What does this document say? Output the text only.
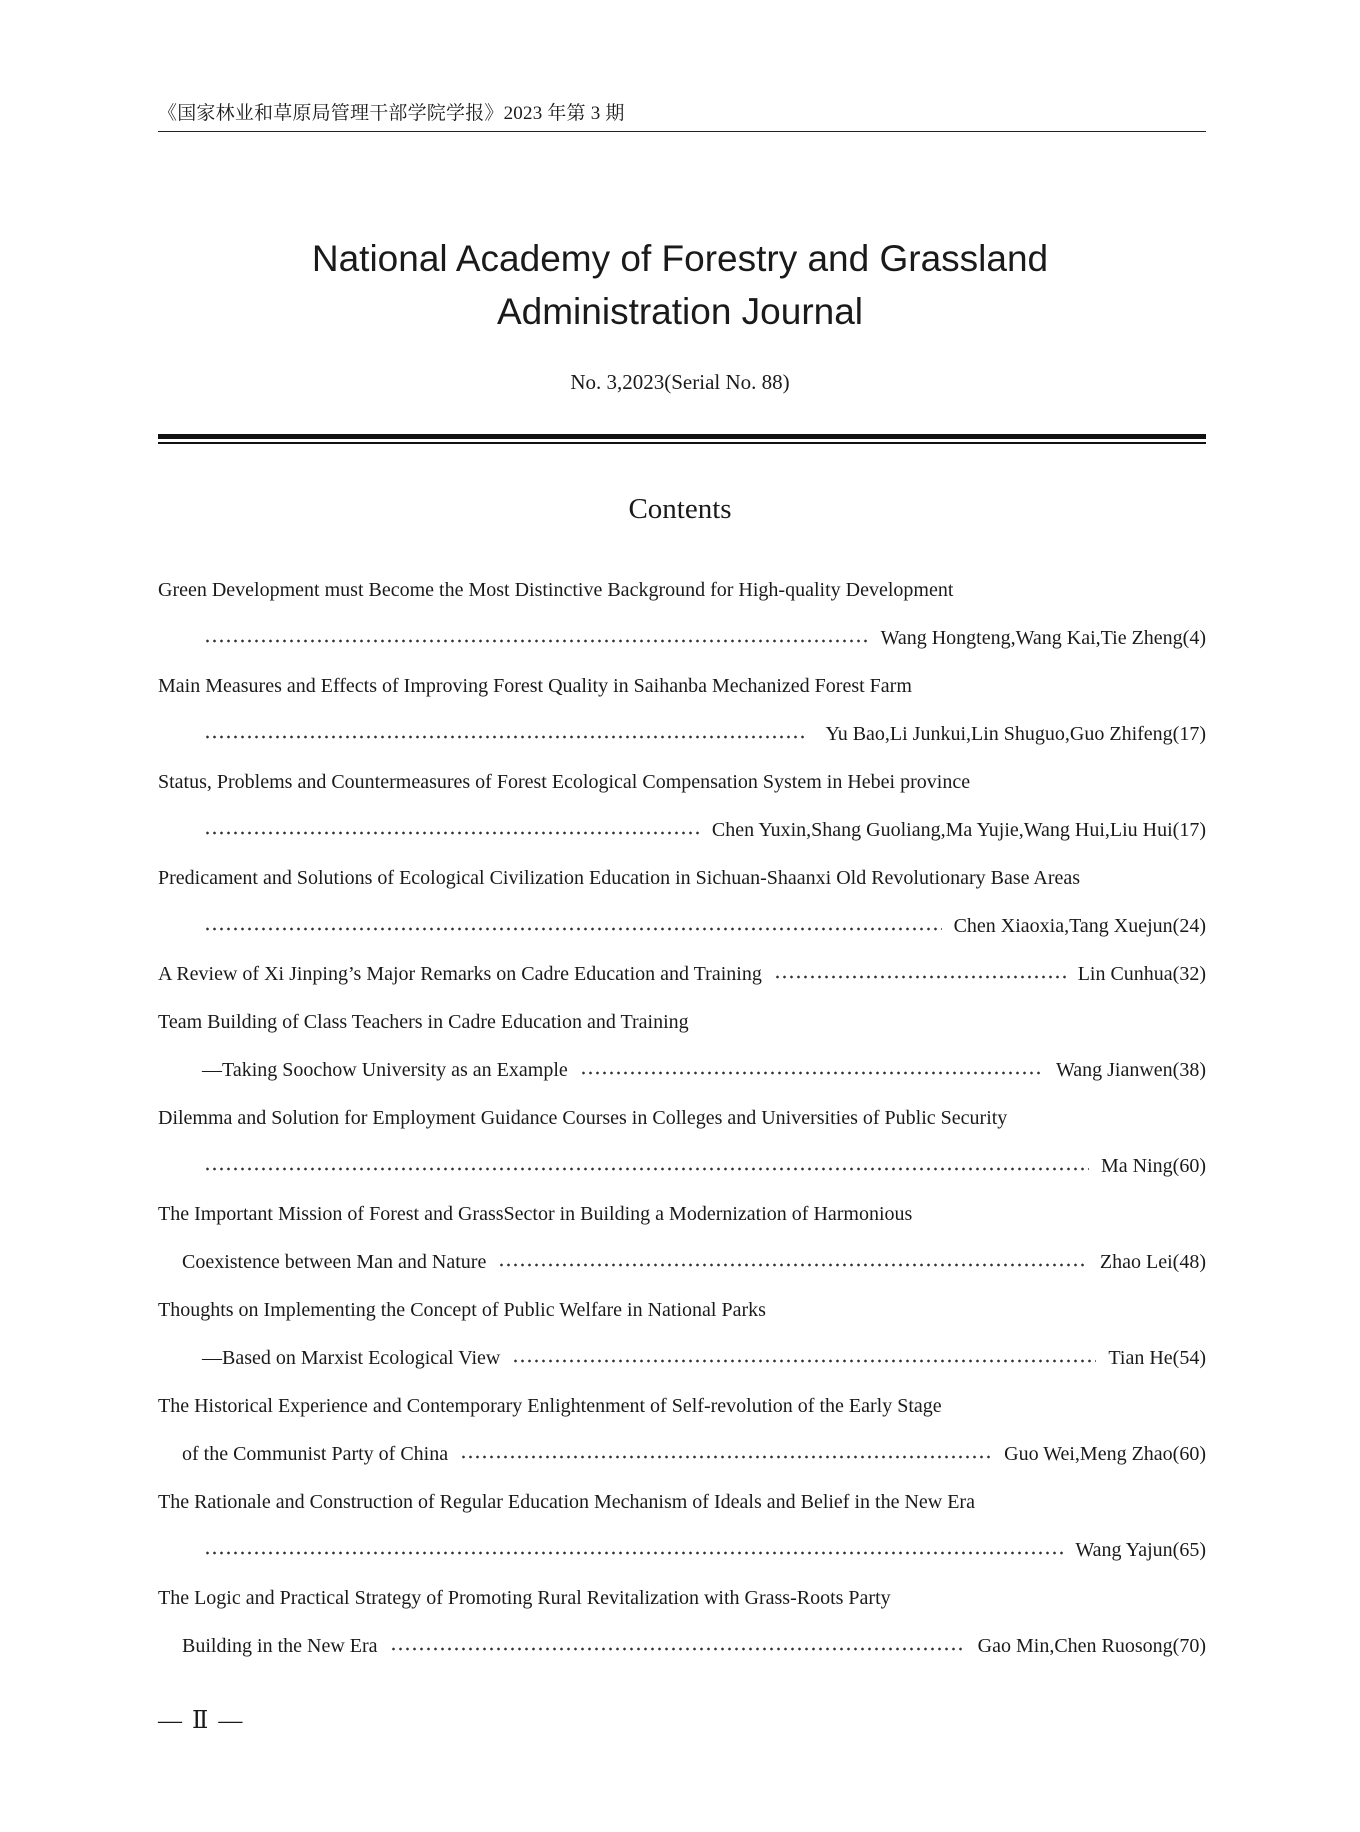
《国家林业和草原局管理干部学院学报》2023 年第 3 期
National Academy of Forestry and Grassland
Administration Journal
No. 3,2023(Serial No. 88)
Contents
Green Development must Become the Most Distinctive Background for High-quality Development
Wang Hongteng,Wang Kai,Tie Zheng(4)
Main Measures and Effects of Improving Forest Quality in Saihanba Mechanized Forest Farm
Yu Bao,Li Junkui,Lin Shuguo,Guo Zhifeng(17)
Status, Problems and Countermeasures of Forest Ecological Compensation System in Hebei province
Chen Yuxin,Shang Guoliang,Ma Yujie,Wang Hui,Liu Hui(17)
Predicament and Solutions of Ecological Civilization Education in Sichuan-Shaanxi Old Revolutionary Base Areas
Chen Xiaoxia,Tang Xuejun(24)
A Review of Xi Jinping’s Major Remarks on Cadre Education and Training	Lin Cunhua(32)
Team Building of Class Teachers in Cadre Education and Training
—Taking Soochow University as an Example	Wang Jianwen(38)
Dilemma and Solution for Employment Guidance Courses in Colleges and Universities of Public Security
Ma Ning(60)
The Important Mission of Forest and GrassSector in Building a Modernization of Harmonious
Coexistence between Man and Nature	Zhao Lei(48)
Thoughts on Implementing the Concept of Public Welfare in National Parks
—Based on Marxist Ecological View	Tian He(54)
The Historical Experience and Contemporary Enlightenment of Self-revolution of the Early Stage
of the Communist Party of China	Guo Wei,Meng Zhao(60)
The Rationale and Construction of Regular Education Mechanism of Ideals and Belief in the New Era
Wang Yajun(65)
The Logic and Practical Strategy of Promoting Rural Revitalization with Grass-Roots Party
Building in the New Era	Gao Min,Chen Ruosong(70)
— Ⅱ —
